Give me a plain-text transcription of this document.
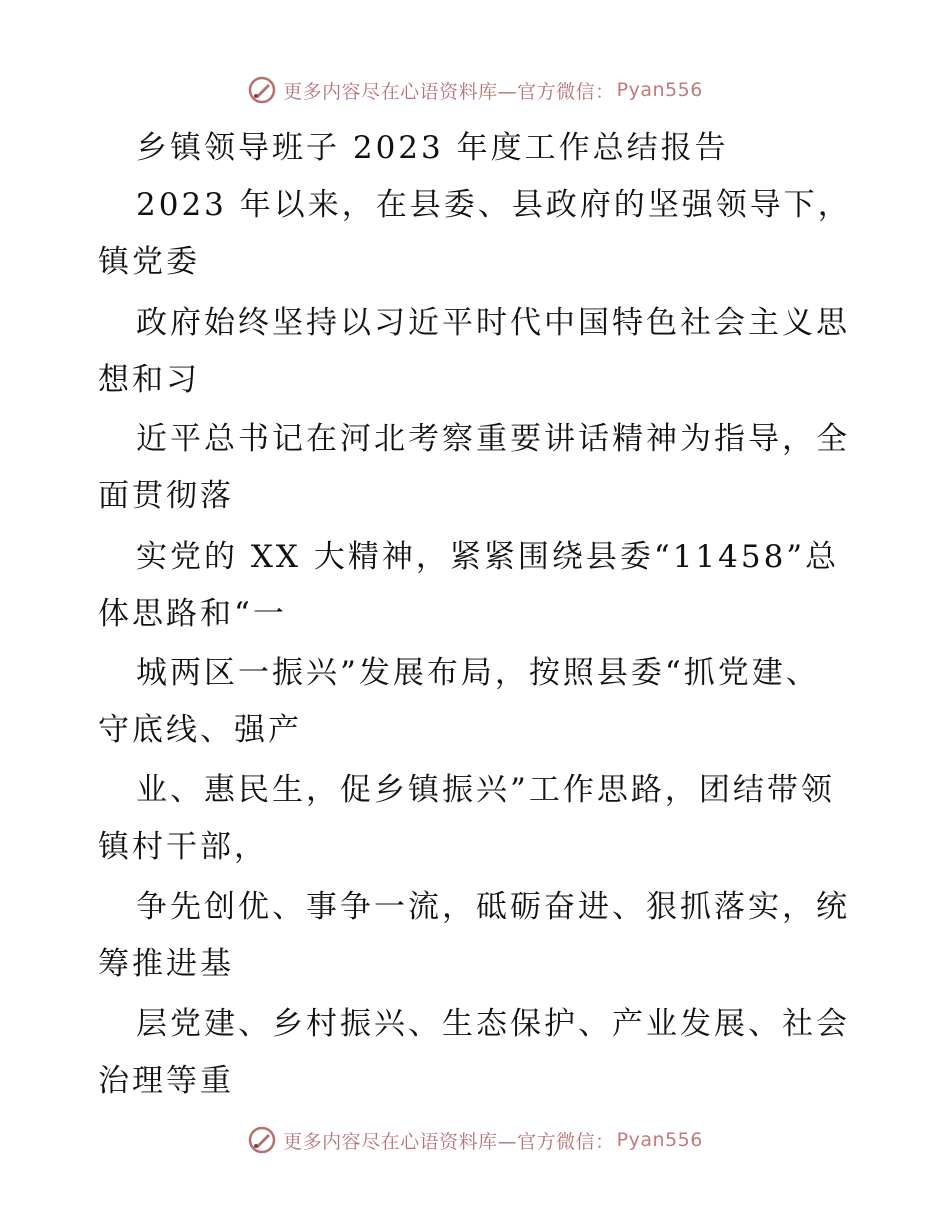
更多内容尽在心语资料库—官方微信： Pyan556
乡镇领导班子 2023 年度工作总结报告
2023 年以来，在县委、县政府的坚强领导下，
镇党委
政府始终坚持以习近平时代中国特色社会主义思
想和习
近平总书记在河北考察重要讲话精神为指导，全
面贯彻落
实党的 XX 大精神，紧紧围绕县委“11458”总
体思路和“一
城两区一振兴”发展布局，按照县委“抓党建、
守底线、强产
业、惠民生，促乡镇振兴”工作思路，团结带领
镇村干部，
争先创优、事争一流，砥砺奋进、狠抓落实，统
筹推进基
层党建、乡村振兴、生态保护、产业发展、社会
治理等重
更多内容尽在心语资料库—官方微信： Pyan556
